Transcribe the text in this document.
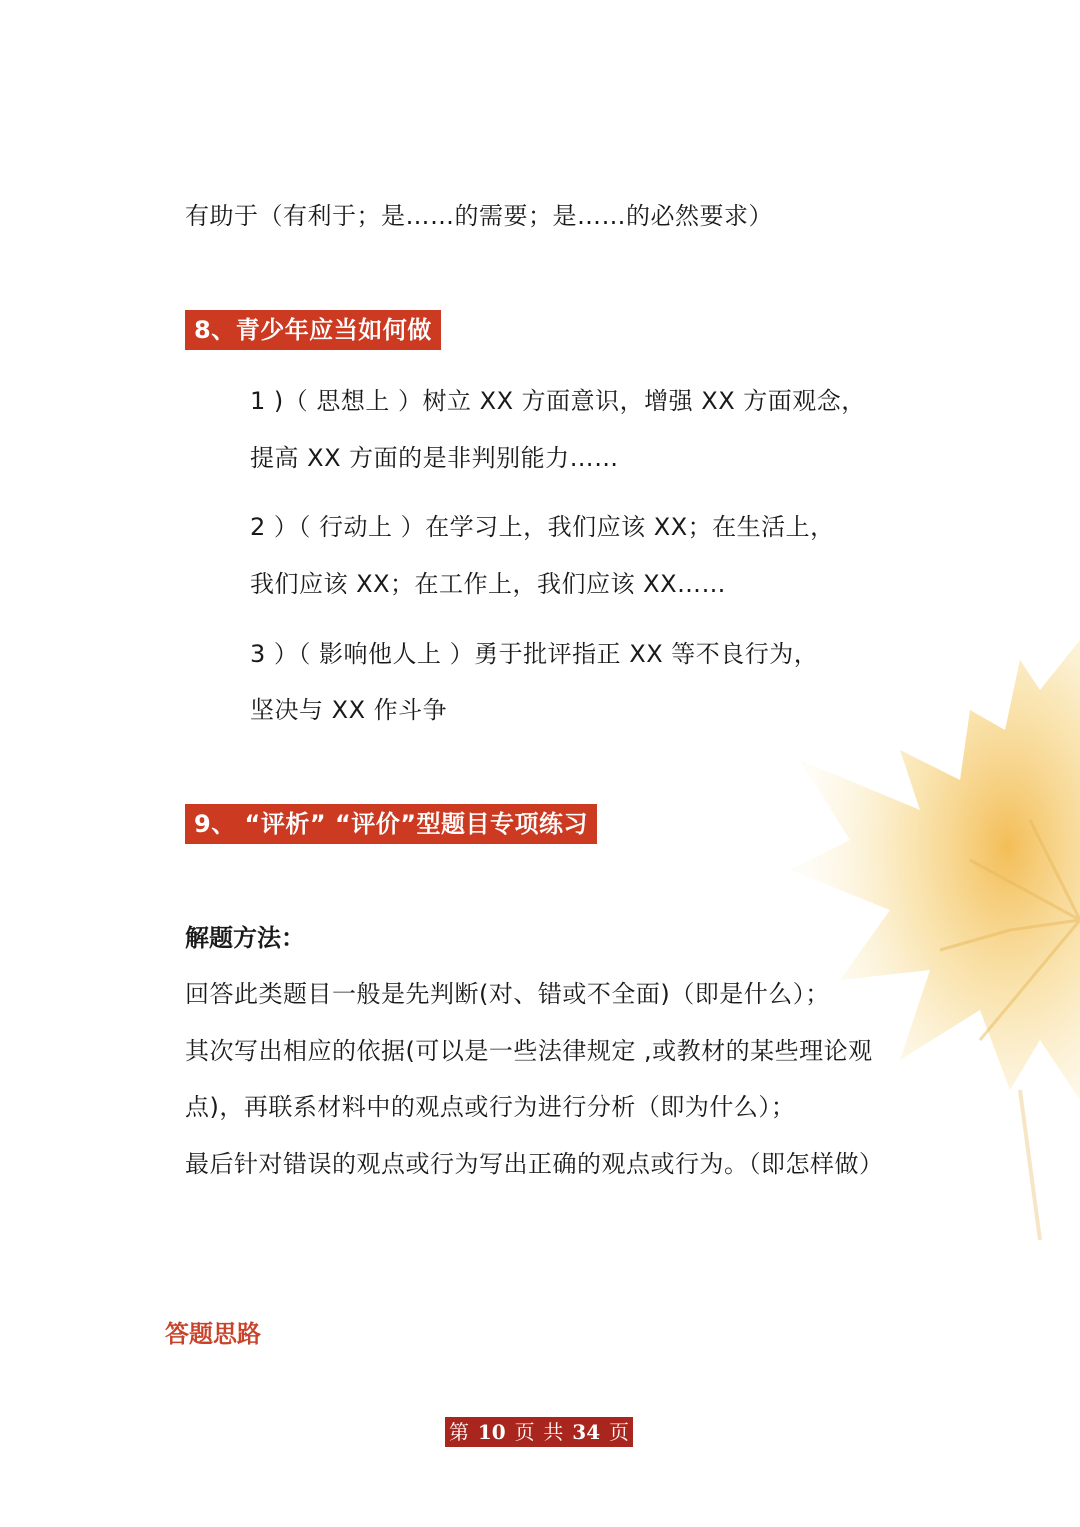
有助于（有利于；是……的需要；是……的必然要求）
8、青少年应当如何做
1 )（ 思想上 ）树立 XX 方面意识，增强 XX 方面观念，
提高 XX 方面的是非判别能力……
2 ）（ 行动上 ）在学习上，我们应该 XX；在生活上，
我们应该 XX；在工作上，我们应该 XX……
3 ）（ 影响他人上 ）勇于批评指正 XX 等不良行为，
坚决与 XX 作斗争
9、 “评析” “评价”型题目专项练习
解题方法：
回答此类题目一般是先判断(对、错或不全面)（即是什么）；
其次写出相应的依据(可以是一些法律规定 ,或教材的某些理论观
点)，再联系材料中的观点或行为进行分析（即为什么）；
最后针对错误的观点或行为写出正确的观点或行为。（即怎样做）
答题思路
第 10 页 共 34 页
